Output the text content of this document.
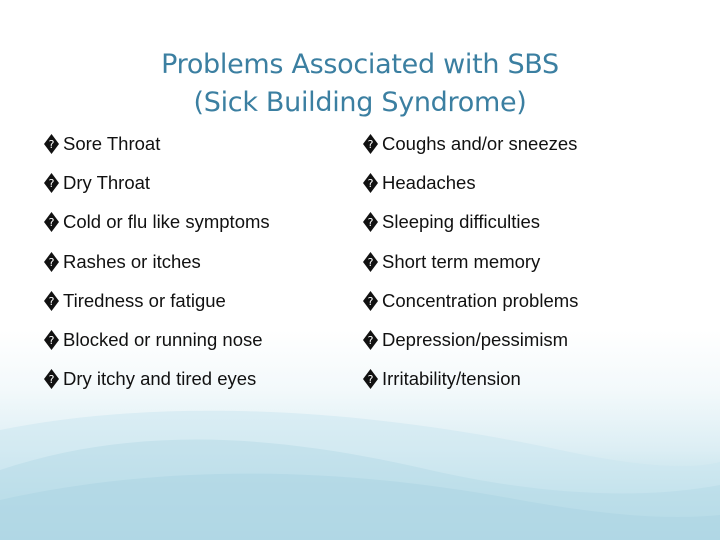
Problems Associated with SBS
(Sick Building Syndrome)
? Sore Throat
? Dry Throat
? Cold or flu like symptoms
? Rashes or itches
? Tiredness or fatigue
? Blocked or running nose
? Dry itchy and tired eyes
? Coughs and/or sneezes
? Headaches
? Sleeping difficulties
? Short term memory
? Concentration problems
? Depression/pessimism
? Irritability/tension
